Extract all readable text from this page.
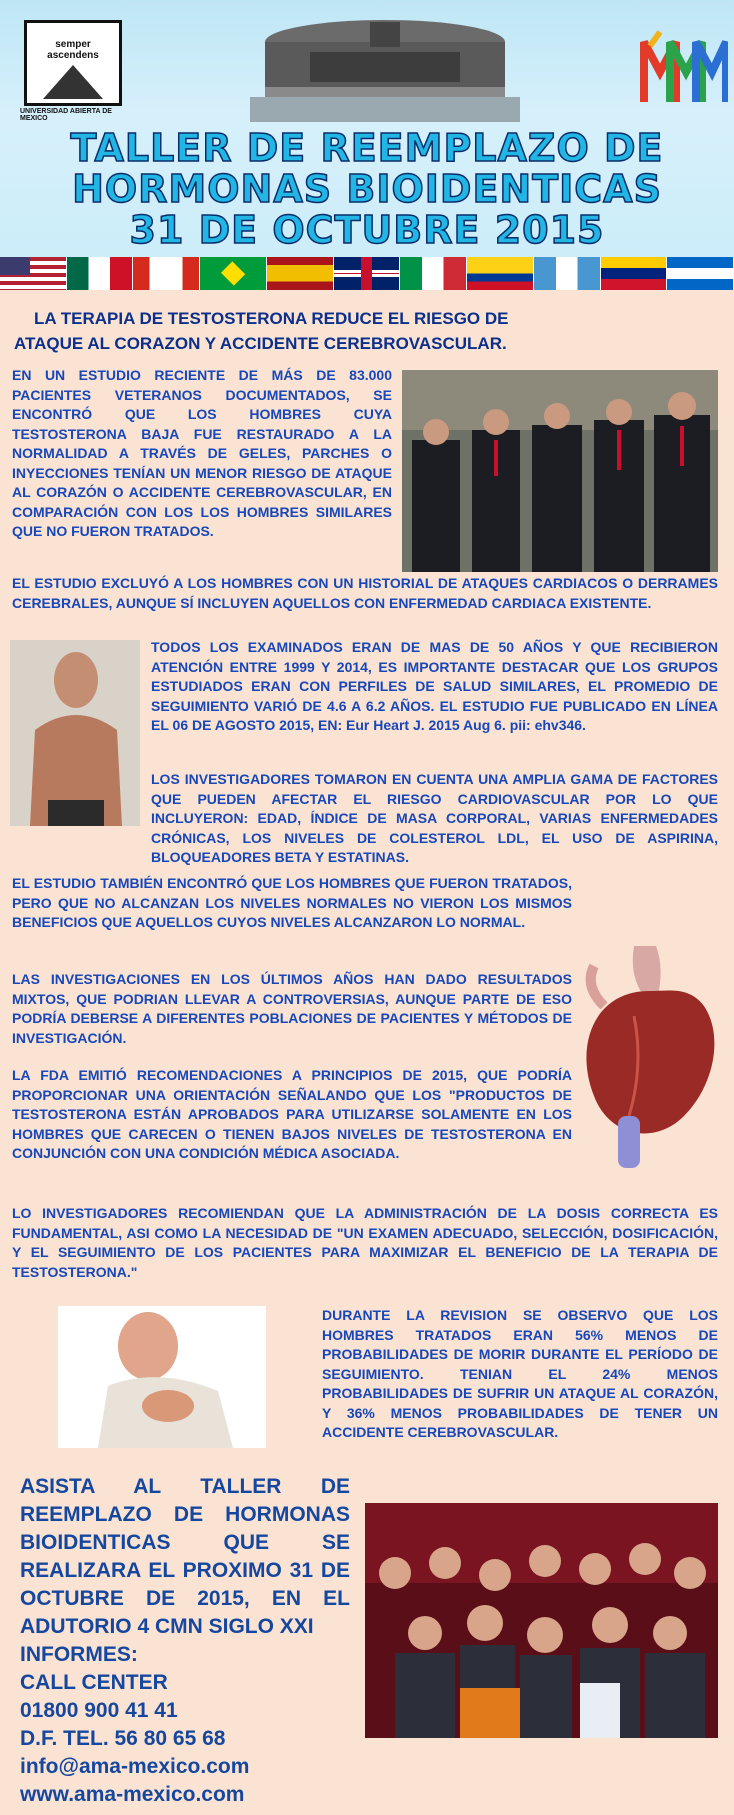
semper
ascendens
UNIVERSIDAD ABIERTA DE MEXICO
TALLER DE REEMPLAZO DE
HORMONAS BIOIDENTICAS
31 DE OCTUBRE 2015
LA TERAPIA DE TESTOSTERONA REDUCE EL RIESGO DE
ATAQUE AL CORAZON Y ACCIDENTE CEREBROVASCULAR.
EN UN ESTUDIO RECIENTE DE MÁS DE 83.000 PACIENTES VETERANOS DOCUMENTADOS, SE ENCONTRÓ QUE LOS HOMBRES CUYA TESTOSTERONA BAJA FUE RESTAURADO A LA NORMALIDAD A TRAVÉS DE GELES, PARCHES O INYECCIONES TENÍAN UN MENOR RIESGO DE ATAQUE AL CORAZÓN O ACCIDENTE CEREBROVASCULAR, EN COMPARACIÓN CON LOS LOS HOMBRES SIMILARES QUE NO FUERON TRATADOS.
EL ESTUDIO EXCLUYÓ A LOS HOMBRES CON UN HISTORIAL DE ATAQUES CARDIACOS O DERRAMES CEREBRALES, AUNQUE SÍ INCLUYEN AQUELLOS CON ENFERMEDAD CARDIACA EXISTENTE.
TODOS LOS EXAMINADOS ERAN DE MAS DE 50 AÑOS Y QUE RECIBIERON ATENCIÓN ENTRE 1999 Y 2014, ES IMPORTANTE DESTACAR QUE LOS GRUPOS ESTUDIADOS ERAN CON PERFILES DE SALUD SIMILARES, EL PROMEDIO DE SEGUIMIENTO VARIÓ DE 4.6 A 6.2 AÑOS. EL ESTUDIO FUE PUBLICADO EN LÍNEA EL 06 DE AGOSTO 2015, EN: Eur Heart J. 2015 Aug 6. pii: ehv346.
LOS INVESTIGADORES TOMARON EN CUENTA UNA AMPLIA GAMA DE FACTORES QUE PUEDEN AFECTAR EL RIESGO CARDIOVASCULAR POR LO QUE INCLUYERON: EDAD, ÍNDICE DE MASA CORPORAL, VARIAS ENFERMEDADES CRÓNICAS, LOS NIVELES DE COLESTEROL LDL, EL USO DE ASPIRINA, BLOQUEADORES BETA Y ESTATINAS.
EL ESTUDIO TAMBIÉN ENCONTRÓ QUE LOS HOMBRES QUE FUERON TRATADOS, PERO QUE NO ALCANZAN LOS NIVELES NORMALES NO VIERON LOS MISMOS BENEFICIOS QUE AQUELLOS CUYOS NIVELES ALCANZARON LO NORMAL.
LAS INVESTIGACIONES EN LOS ÚLTIMOS AÑOS HAN DADO RESULTADOS MIXTOS, QUE PODRIAN LLEVAR A CONTROVERSIAS, AUNQUE PARTE DE ESO PODRÍA DEBERSE A DIFERENTES POBLACIONES DE PACIENTES Y MÉTODOS DE INVESTIGACIÓN.
LA FDA EMITIÓ RECOMENDACIONES A PRINCIPIOS DE 2015, QUE PODRÍA PROPORCIONAR UNA ORIENTACIÓN SEÑALANDO QUE LOS "PRODUCTOS DE TESTOSTERONA ESTÁN APROBADOS PARA UTILIZARSE SOLAMENTE EN LOS HOMBRES QUE CARECEN O TIENEN BAJOS NIVELES DE TESTOSTERONA EN CONJUNCIÓN CON UNA CONDICIÓN MÉDICA ASOCIADA.
LO INVESTIGADORES RECOMIENDAN QUE LA ADMINISTRACIÓN DE LA DOSIS CORRECTA ES FUNDAMENTAL, ASI COMO LA NECESIDAD DE "UN EXAMEN ADECUADO, SELECCIÓN, DOSIFICACIÓN, Y EL SEGUIMIENTO DE LOS PACIENTES PARA MAXIMIZAR EL BENEFICIO DE LA TERAPIA DE TESTOSTERONA."
DURANTE LA REVISION SE OBSERVO QUE LOS HOMBRES TRATADOS ERAN 56% MENOS DE PROBABILIDADES DE MORIR DURANTE EL PERÍODO DE SEGUIMIENTO. TENIAN EL 24% MENOS PROBABILIDADES DE SUFRIR UN ATAQUE AL CORAZÓN, Y 36% MENOS PROBABILIDADES DE TENER UN ACCIDENTE CEREBROVASCULAR.
ASISTA AL TALLER DE REEMPLAZO DE HORMONAS BIOIDENTICAS QUE SE REALIZARA EL PROXIMO 31 DE OCTUBRE DE 2015, EN EL ADUTORIO 4 CMN SIGLO XXI
INFORMES:
CALL CENTER
01800 900 41 41
D.F. TEL. 56 80 65 68
info@ama-mexico.com
www.ama-mexico.com
